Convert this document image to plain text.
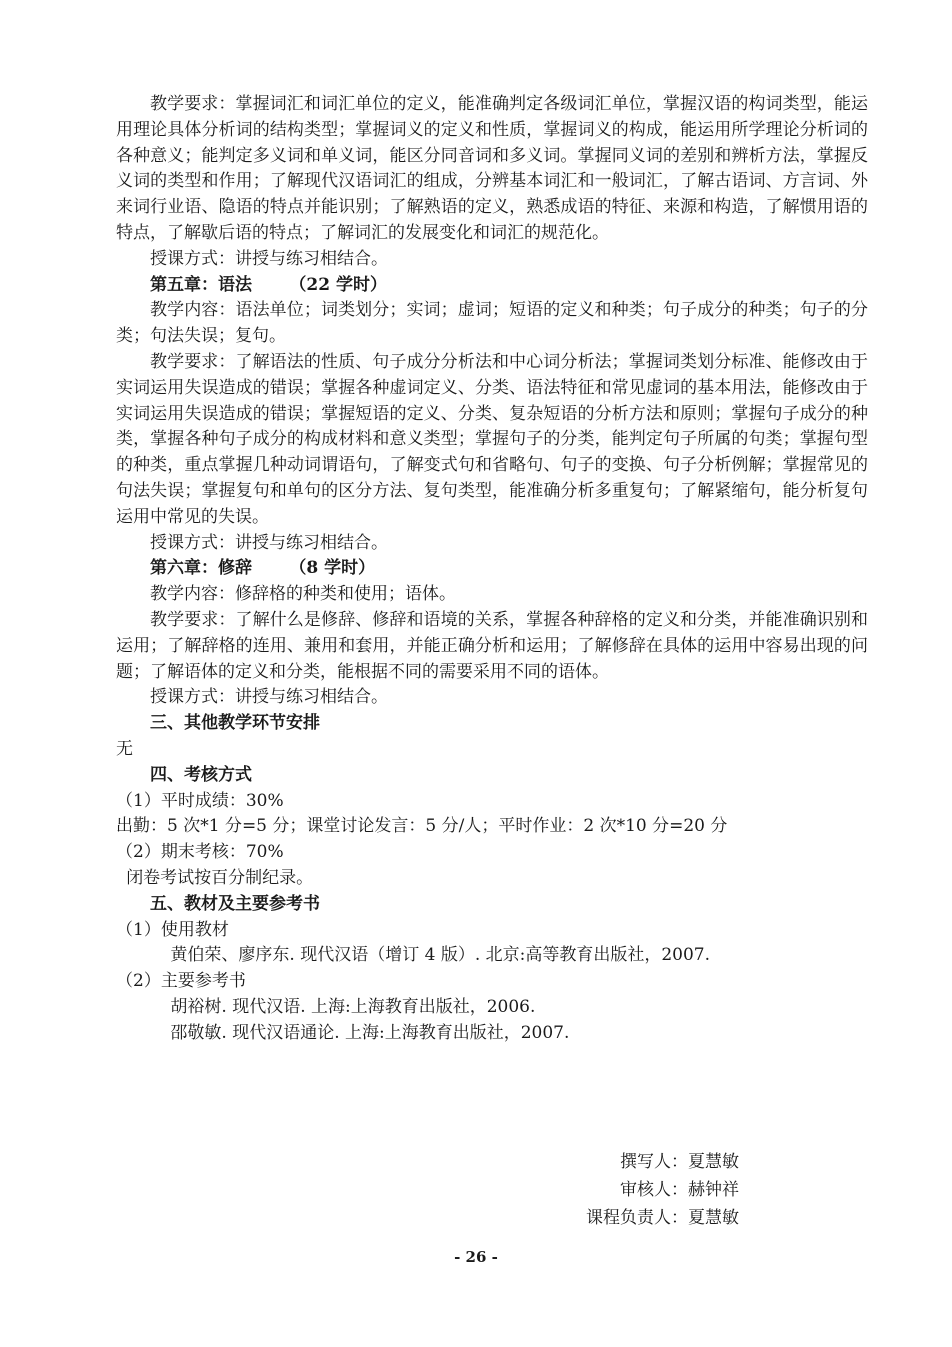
教学要求：掌握词汇和词汇单位的定义，能准确判定各级词汇单位，掌握汉语的构词类型，能运用理论具体分析词的结构类型；掌握词义的定义和性质，掌握词义的构成，能运用所学理论分析词的各种意义；能判定多义词和单义词，能区分同音词和多义词。掌握同义词的差别和辨析方法，掌握反义词的类型和作用；了解现代汉语词汇的组成，分辨基本词汇和一般词汇，了解古语词、方言词、外来词行业语、隐语的特点并能识别；了解熟语的定义，熟悉成语的特征、来源和构造，了解惯用语的特点，了解歇后语的特点；了解词汇的发展变化和词汇的规范化。

授课方式：讲授与练习相结合。

第五章：语法 （22 学时）

教学内容：语法单位；词类划分；实词；虚词；短语的定义和种类；句子成分的种类；句子的分类；句法失误；复句。

教学要求：了解语法的性质、句子成分分析法和中心词分析法；掌握词类划分标准、能修改由于实词运用失误造成的错误；掌握各种虚词定义、分类、语法特征和常见虚词的基本用法，能修改由于实词运用失误造成的错误；掌握短语的定义、分类、复杂短语的分析方法和原则；掌握句子成分的种类，掌握各种句子成分的构成材料和意义类型；掌握句子的分类，能判定句子所属的句类；掌握句型的种类，重点掌握几种动词谓语句，了解变式句和省略句、句子的变换、句子分析例解；掌握常见的句法失误；掌握复句和单句的区分方法、复句类型，能准确分析多重复句；了解紧缩句，能分析复句运用中常见的失误。

授课方式：讲授与练习相结合。

第六章：修辞 （8 学时）

教学内容：修辞格的种类和使用；语体。

教学要求：了解什么是修辞、修辞和语境的关系，掌握各种辞格的定义和分类，并能准确识别和运用；了解辞格的连用、兼用和套用，并能正确分析和运用；了解修辞在具体的运用中容易出现的问题；了解语体的定义和分类，能根据不同的需要采用不同的语体。

授课方式：讲授与练习相结合。

三、其他教学环节安排

无

四、考核方式

（1）平时成绩：30%

出勤：5 次*1 分=5 分；课堂讨论发言：5 分/人；平时作业：2 次*10 分=20 分

（2）期末考核：70%

闭卷考试按百分制纪录。

五、教材及主要参考书

（1）使用教材

黄伯荣、廖序东. 现代汉语（增订 4 版）. 北京:高等教育出版社，2007.

（2）主要参考书

胡裕树. 现代汉语. 上海:上海教育出版社，2006.

邵敬敏. 现代汉语通论. 上海:上海教育出版社，2007.

撰写人：夏慧敏
审核人：赫钟祥
课程负责人：夏慧敏
- 26 -
